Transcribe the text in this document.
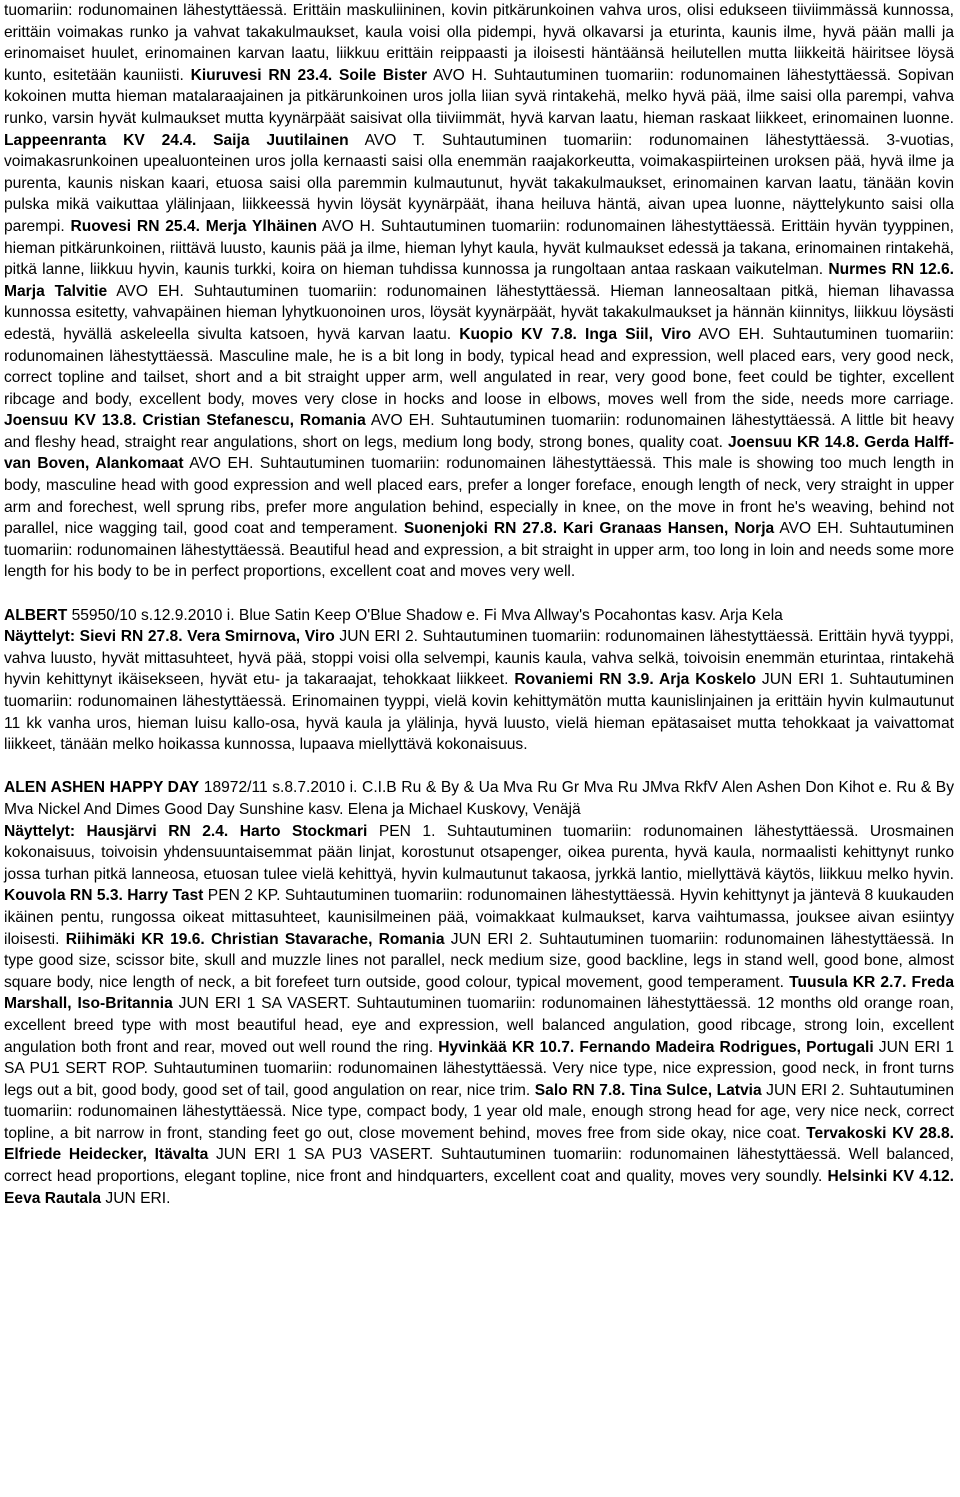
tuomariin: rodunomainen lähestyttäessä. Erittäin maskuliininen, kovin pitkärunkoinen vahva uros, olisi edukseen tiiviimmässä kunnossa, erittäin voimakas runko ja vahvat takakulmaukset, kaula voisi olla pidempi, hyvä olkavarsi ja eturinta, kaunis ilme, hyvä pään malli ja erinomaiset huulet, erinomainen karvan laatu, liikkuu erittäin reippaasti ja iloisesti häntäänsä heilutellen mutta liikkeitä häiritsee löysä kunto, esitetään kauniisti. Kiuruvesi RN 23.4. Soile Bister AVO H. Suhtautuminen tuomariin: rodunomainen lähestyttäessä. Sopivan kokoinen mutta hieman matalaraajainen ja pitkärunkoinen uros jolla liian syvä rintakehä, melko hyvä pää, ilme saisi olla parempi, vahva runko, varsin hyvät kulmaukset mutta kyynärpäät saisivat olla tiiviimmät, hyvä karvan laatu, hieman raskaat liikkeet, erinomainen luonne. Lappeenranta KV 24.4. Saija Juutilainen AVO T. Suhtautuminen tuomariin: rodunomainen lähestyttäessä. 3-vuotias, voimakasrunkoinen upealuonteinen uros jolla kernaasti saisi olla enemmän raajakorkeutta, voimakaspiirteinen uroksen pää, hyvä ilme ja purenta, kaunis niskan kaari, etuosa saisi olla paremmin kulmautunut, hyvät takakulmaukset, erinomainen karvan laatu, tänään kovin pulska mikä vaikuttaa ylälinjaan, liikkeessä hyvin löysät kyynärpäät, ihana heiluva häntä, aivan upea luonne, näyttelykunto saisi olla parempi. Ruovesi RN 25.4. Merja Ylhäinen AVO H. Suhtautuminen tuomariin: rodunomainen lähestyttäessä. Erittäin hyvän tyyppinen, hieman pitkärunkoinen, riittävä luusto, kaunis pää ja ilme, hieman lyhyt kaula, hyvät kulmaukset edessä ja takana, erinomainen rintakehä, pitkä lanne, liikkuu hyvin, kaunis turkki, koira on hieman tuhdissa kunnossa ja rungoltaan antaa raskaan vaikutelman. Nurmes RN 12.6. Marja Talvitie AVO EH. Suhtautuminen tuomariin: rodunomainen lähestyttäessä. Hieman lanneosaltaan pitkä, hieman lihavassa kunnossa esitetty, vahvapäinen hieman lyhytkuonoinen uros, löysät kyynärpäät, hyvät takakulmaukset ja hännän kiinnitys, liikkuu löysästi edestä, hyvällä askeleella sivulta katsoen, hyvä karvan laatu. Kuopio KV 7.8. Inga Siil, Viro AVO EH. Suhtautuminen tuomariin: rodunomainen lähestyttäessä. Masculine male, he is a bit long in body, typical head and expression, well placed ears, very good neck, correct topline and tailset, short and a bit straight upper arm, well angulated in rear, very good bone, feet could be tighter, excellent ribcage and body, excellent body, moves very close in hocks and loose in elbows, moves well from the side, needs more carriage. Joensuu KV 13.8. Cristian Stefanescu, Romania AVO EH. Suhtautuminen tuomariin: rodunomainen lähestyttäessä. A little bit heavy and fleshy head, straight rear angulations, short on legs, medium long body, strong bones, quality coat. Joensuu KR 14.8. Gerda Halff-van Boven, Alankomaat AVO EH. Suhtautuminen tuomariin: rodunomainen lähestyttäessä. This male is showing too much length in body, masculine head with good expression and well placed ears, prefer a longer foreface, enough length of neck, very straight in upper arm and forechest, well sprung ribs, prefer more angulation behind, especially in knee, on the move in front he's weaving, behind not parallel, nice wagging tail, good coat and temperament. Suonenjoki RN 27.8. Kari Granaas Hansen, Norja AVO EH. Suhtautuminen tuomariin: rodunomainen lähestyttäessä. Beautiful head and expression, a bit straight in upper arm, too long in loin and needs some more length for his body to be in perfect proportions, excellent coat and moves very well.

ALBERT 55950/10 s.12.9.2010 i. Blue Satin Keep O'Blue Shadow e. Fi Mva Allway's Pocahontas kasv. Arja Kela

Näyttelyt: Sievi RN 27.8. Vera Smirnova, Viro JUN ERI 2. Suhtautuminen tuomariin: rodunomainen lähestyttäessä. Erittäin hyvä tyyppi, vahva luusto, hyvät mittasuhteet, hyvä pää, stoppi voisi olla selvempi, kaunis kaula, vahva selkä, toivoisin enemmän eturintaa, rintakehä hyvin kehittynyt ikäisekseen, hyvät etu- ja takaraajat, tehokkaat liikkeet. Rovaniemi RN 3.9. Arja Koskelo JUN ERI 1. Suhtautuminen tuomariin: rodunomainen lähestyttäessä. Erinomainen tyyppi, vielä kovin kehittymätön mutta kaunislinjainen ja erittäin hyvin kulmautunut 11 kk vanha uros, hieman luisu kallo-osa, hyvä kaula ja ylälinja, hyvä luusto, vielä hieman epätasaiset mutta tehokkaat ja vaivattomat liikkeet, tänään melko hoikassa kunnossa, lupaava miellyttävä kokonaisuus.

ALEN ASHEN HAPPY DAY 18972/11 s.8.7.2010 i. C.I.B Ru & By & Ua Mva Ru Gr Mva Ru JMva RkfV Alen Ashen Don Kihot e. Ru & By Mva Nickel And Dimes Good Day Sunshine kasv. Elena ja Michael Kuskovy, Venäjä

Näyttelyt: Hausjärvi RN 2.4. Harto Stockmari PEN 1. Suhtautuminen tuomariin: rodunomainen lähestyttäessä. Urosmainen kokonaisuus, toivoisin yhdensuuntaisemmat pään linjat, korostunut otsapenger, oikea purenta, hyvä kaula, normaalisti kehittynyt runko jossa turhan pitkä lanneosa, etuosan tulee vielä kehittyä, hyvin kulmautunut takaosa, jyrkkä lantio, miellyttävä käytös, liikkuu melko hyvin. Kouvola RN 5.3. Harry Tast PEN 2 KP. Suhtautuminen tuomariin: rodunomainen lähestyttäessä. Hyvin kehittynyt ja jäntevä 8 kuukauden ikäinen pentu, rungossa oikeat mittasuhteet, kaunisilmeinen pää, voimakkaat kulmaukset, karva vaihtumassa, jouksee aivan esiintyy iloisesti. Riihimäki KR 19.6. Christian Stavarache, Romania JUN ERI 2. Suhtautuminen tuomariin: rodunomainen lähestyttäessä. In type good size, scissor bite, skull and muzzle lines not parallel, neck medium size, good backline, legs in stand well, good bone, almost square body, nice length of neck, a bit forefeet turn outside, good colour, typical movement, good temperament. Tuusula KR 2.7. Freda Marshall, Iso-Britannia JUN ERI 1 SA VASERT. Suhtautuminen tuomariin: rodunomainen lähestyttäessä. 12 months old orange roan, excellent breed type with most beautiful head, eye and expression, well balanced angulation, good ribcage, strong loin, excellent angulation both front and rear, moved out well round the ring. Hyvinkää KR 10.7. Fernando Madeira Rodrigues, Portugali JUN ERI 1 SA PU1 SERT ROP. Suhtautuminen tuomariin: rodunomainen lähestyttäessä. Very nice type, nice expression, good neck, in front turns legs out a bit, good body, good set of tail, good angulation on rear, nice trim. Salo RN 7.8. Tina Sulce, Latvia JUN ERI 2. Suhtautuminen tuomariin: rodunomainen lähestyttäessä. Nice type, compact body, 1 year old male, enough strong head for age, very nice neck, correct topline, a bit narrow in front, standing feet go out, close movement behind, moves free from side okay, nice coat. Tervakoski KV 28.8. Elfriede Heidecker, Itävalta JUN ERI 1 SA PU3 VASERT. Suhtautuminen tuomariin: rodunomainen lähestyttäessä. Well balanced, correct head proportions, elegant topline, nice front and hindquarters, excellent coat and quality, moves very soundly. Helsinki KV 4.12. Eeva Rautala JUN ERI.
